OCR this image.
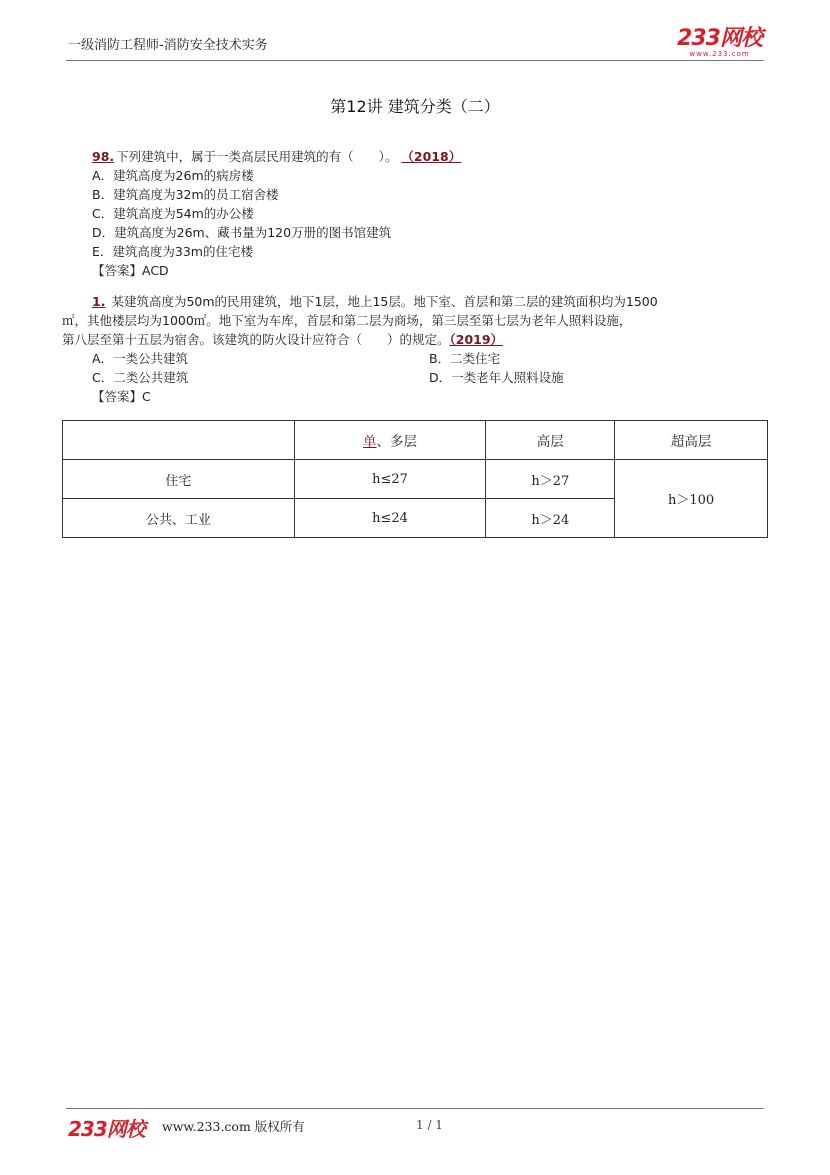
一级消防工程师-消防安全技术实务	233网校
www.233.com
第12讲 建筑分类（二）
98. 下列建筑中，属于一类高层民用建筑的有（　　）。 （2018）
A．建筑高度为26m的病房楼
B．建筑高度为32m的员工宿舍楼
C．建筑高度为54m的办公楼
D．建筑高度为26m、藏书量为120万册的图书馆建筑
E．建筑高度为33m的住宅楼
【答案】ACD
1. 某建筑高度为50m的民用建筑，地下1层，地上15层。地下室、首层和第二层的建筑面积均为1500
㎡，其他楼层均为1000㎡。地下室为车库，首层和第二层为商场，第三层至第七层为老年人照料设施，
第八层至第十五层为宿舍。该建筑的防火设计应符合（　　）的规定。（2019）
A．一类公共建筑	B．二类住宅
C．二类公共建筑	D．一类老年人照料设施
【答案】C
	单、多层	高层	超高层
住宅	h≤27	h＞27	h＞100
公共、工业	h≤24	h＞24	
233网校 www.233.com 版权所有	1 / 1
